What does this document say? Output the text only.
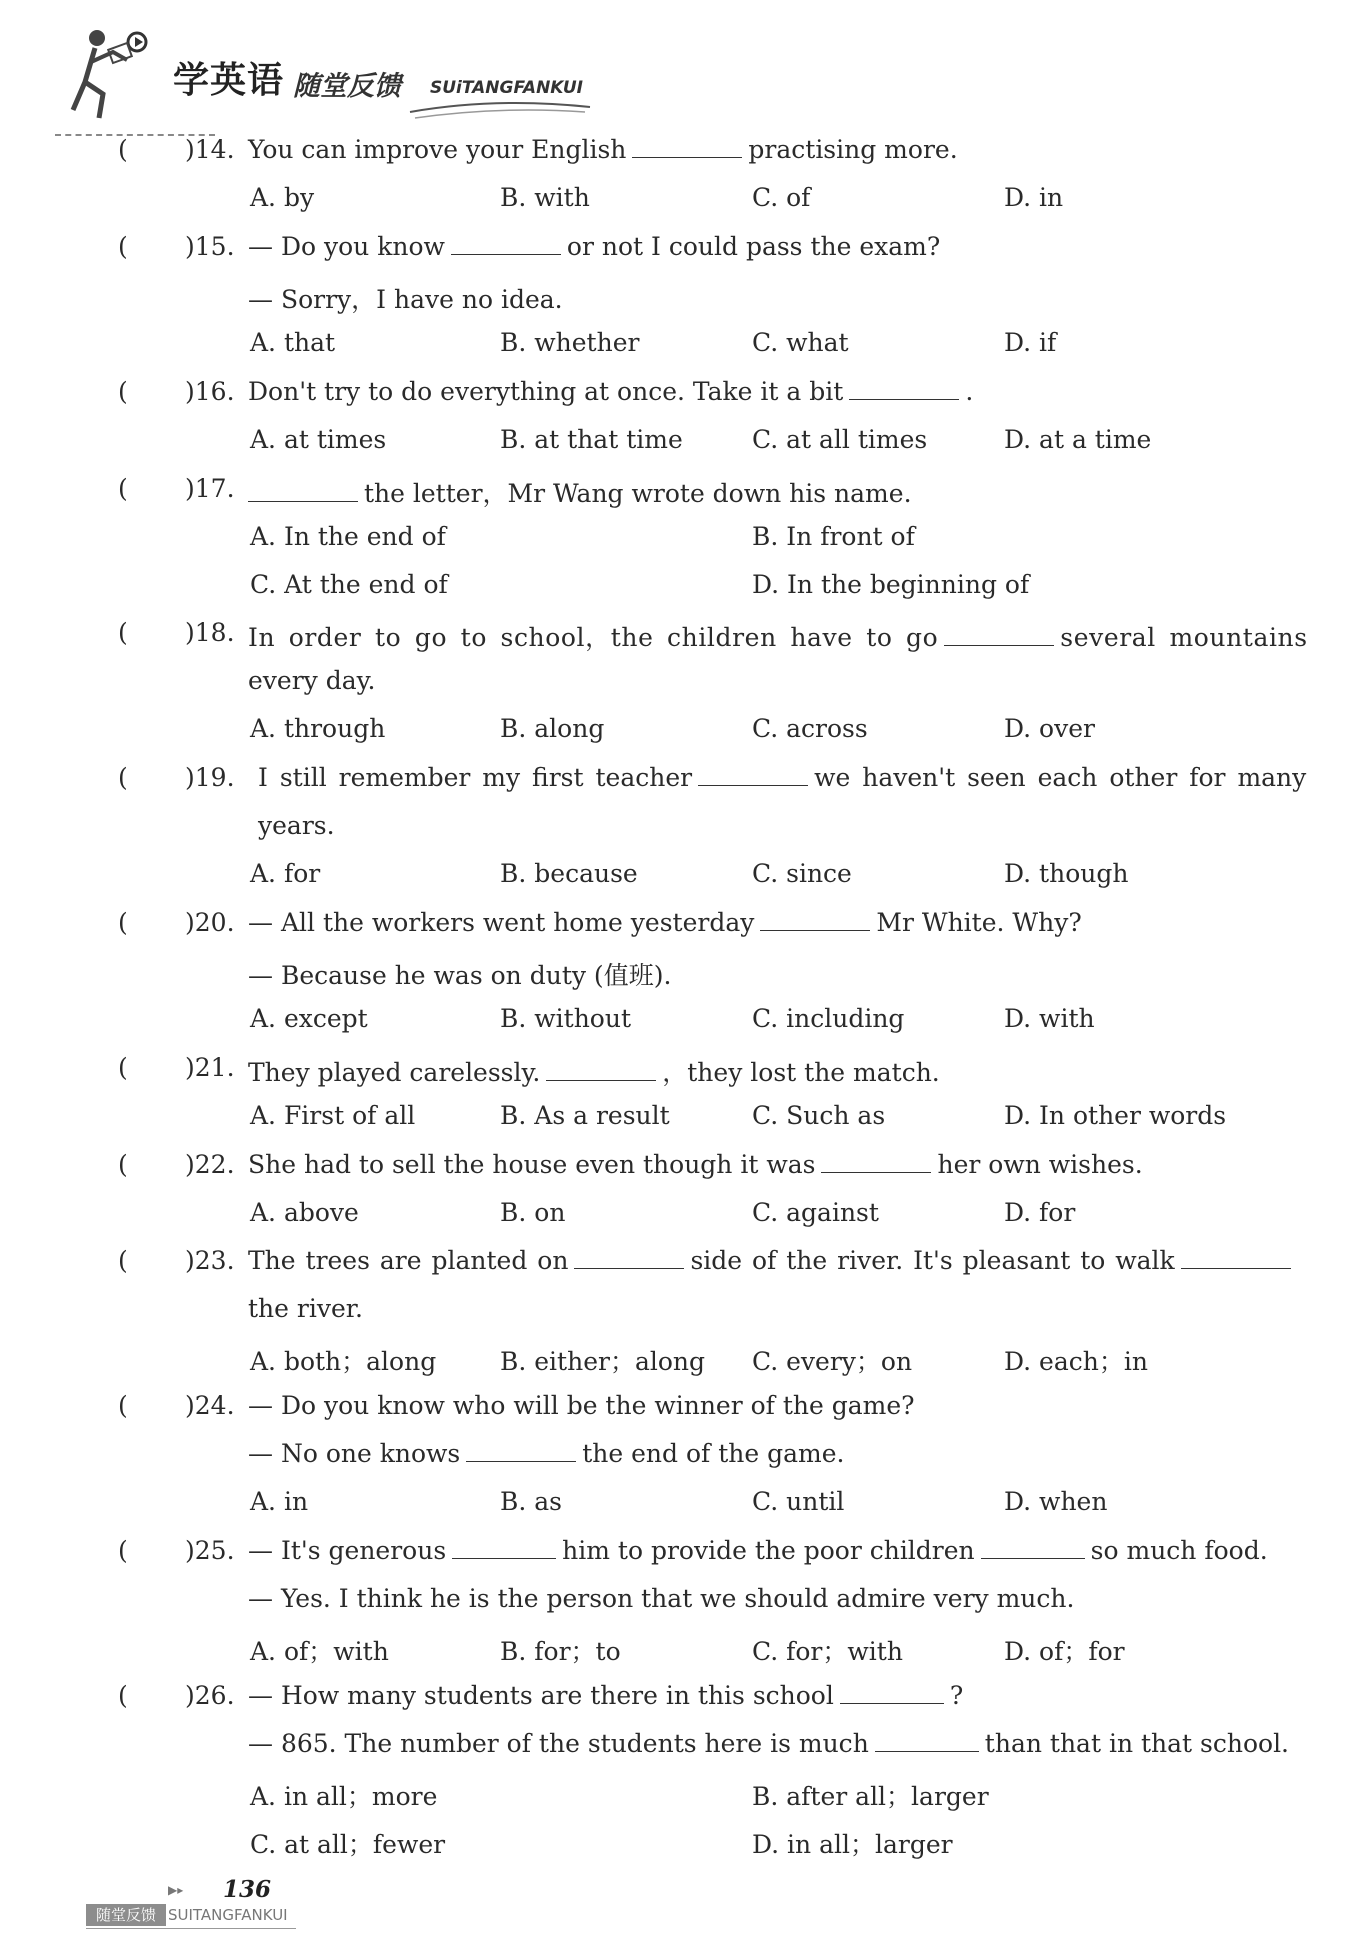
学英语 随堂反馈 SUiTANGFANKUI
( )14. You can improve your English	practising more.
A. by	B. with	C. of	D. in
( )15. — Do you know	or not I could pass the exam?
— Sorry，I have no idea.
A. that	B. whether	C. what	D. if
( )16. Don't try to do everything at once. Take it a bit	.
A. at times	B. at that time	C. at all times	D. at a time
( )17.	the letter，Mr Wang wrote down his name.
A. In the end of	B. In front of
C. At the end of	D. In the beginning of
( )18. In order to go to school，the children have to go	several mountains
every day.
A. through	B. along	C. across	D. over
( )19. I still remember my first teacher	we haven't seen each other for many
years.
A. for	B. because	C. since	D. though
( )20. — All the workers went home yesterday	Mr White. Why?
— Because he was on duty (值班).
A. except	B. without	C. including	D. with
( )21. They played carelessly.	，they lost the match.
A. First of all	B. As a result	C. Such as	D. In other words
( )22. She had to sell the house even though it was	her own wishes.
A. above	B. on	C. against	D. for
( )23. The trees are planted on	side of the river. It's pleasant to walk
the river.
A. both；along	B. either；along C. every；on	D. each；in
( )24. — Do you know who will be the winner of the game?
— No one knows	the end of the game.
A. in	B. as	C. until	D. when
( )25. — It's generous	him to provide the poor children	so much food.
— Yes. I think he is the person that we should admire very much.
A. of；with	B. for；to	C. for；with	D. of；for
( )26. — How many students are there in this school	?
— 865. The number of the students here is much	than that in that school.
A. in all；more	B. after all；larger
C. at all；fewer	D. in all；larger
▶▸ 136
随堂反馈 SUITANGFANKUI
